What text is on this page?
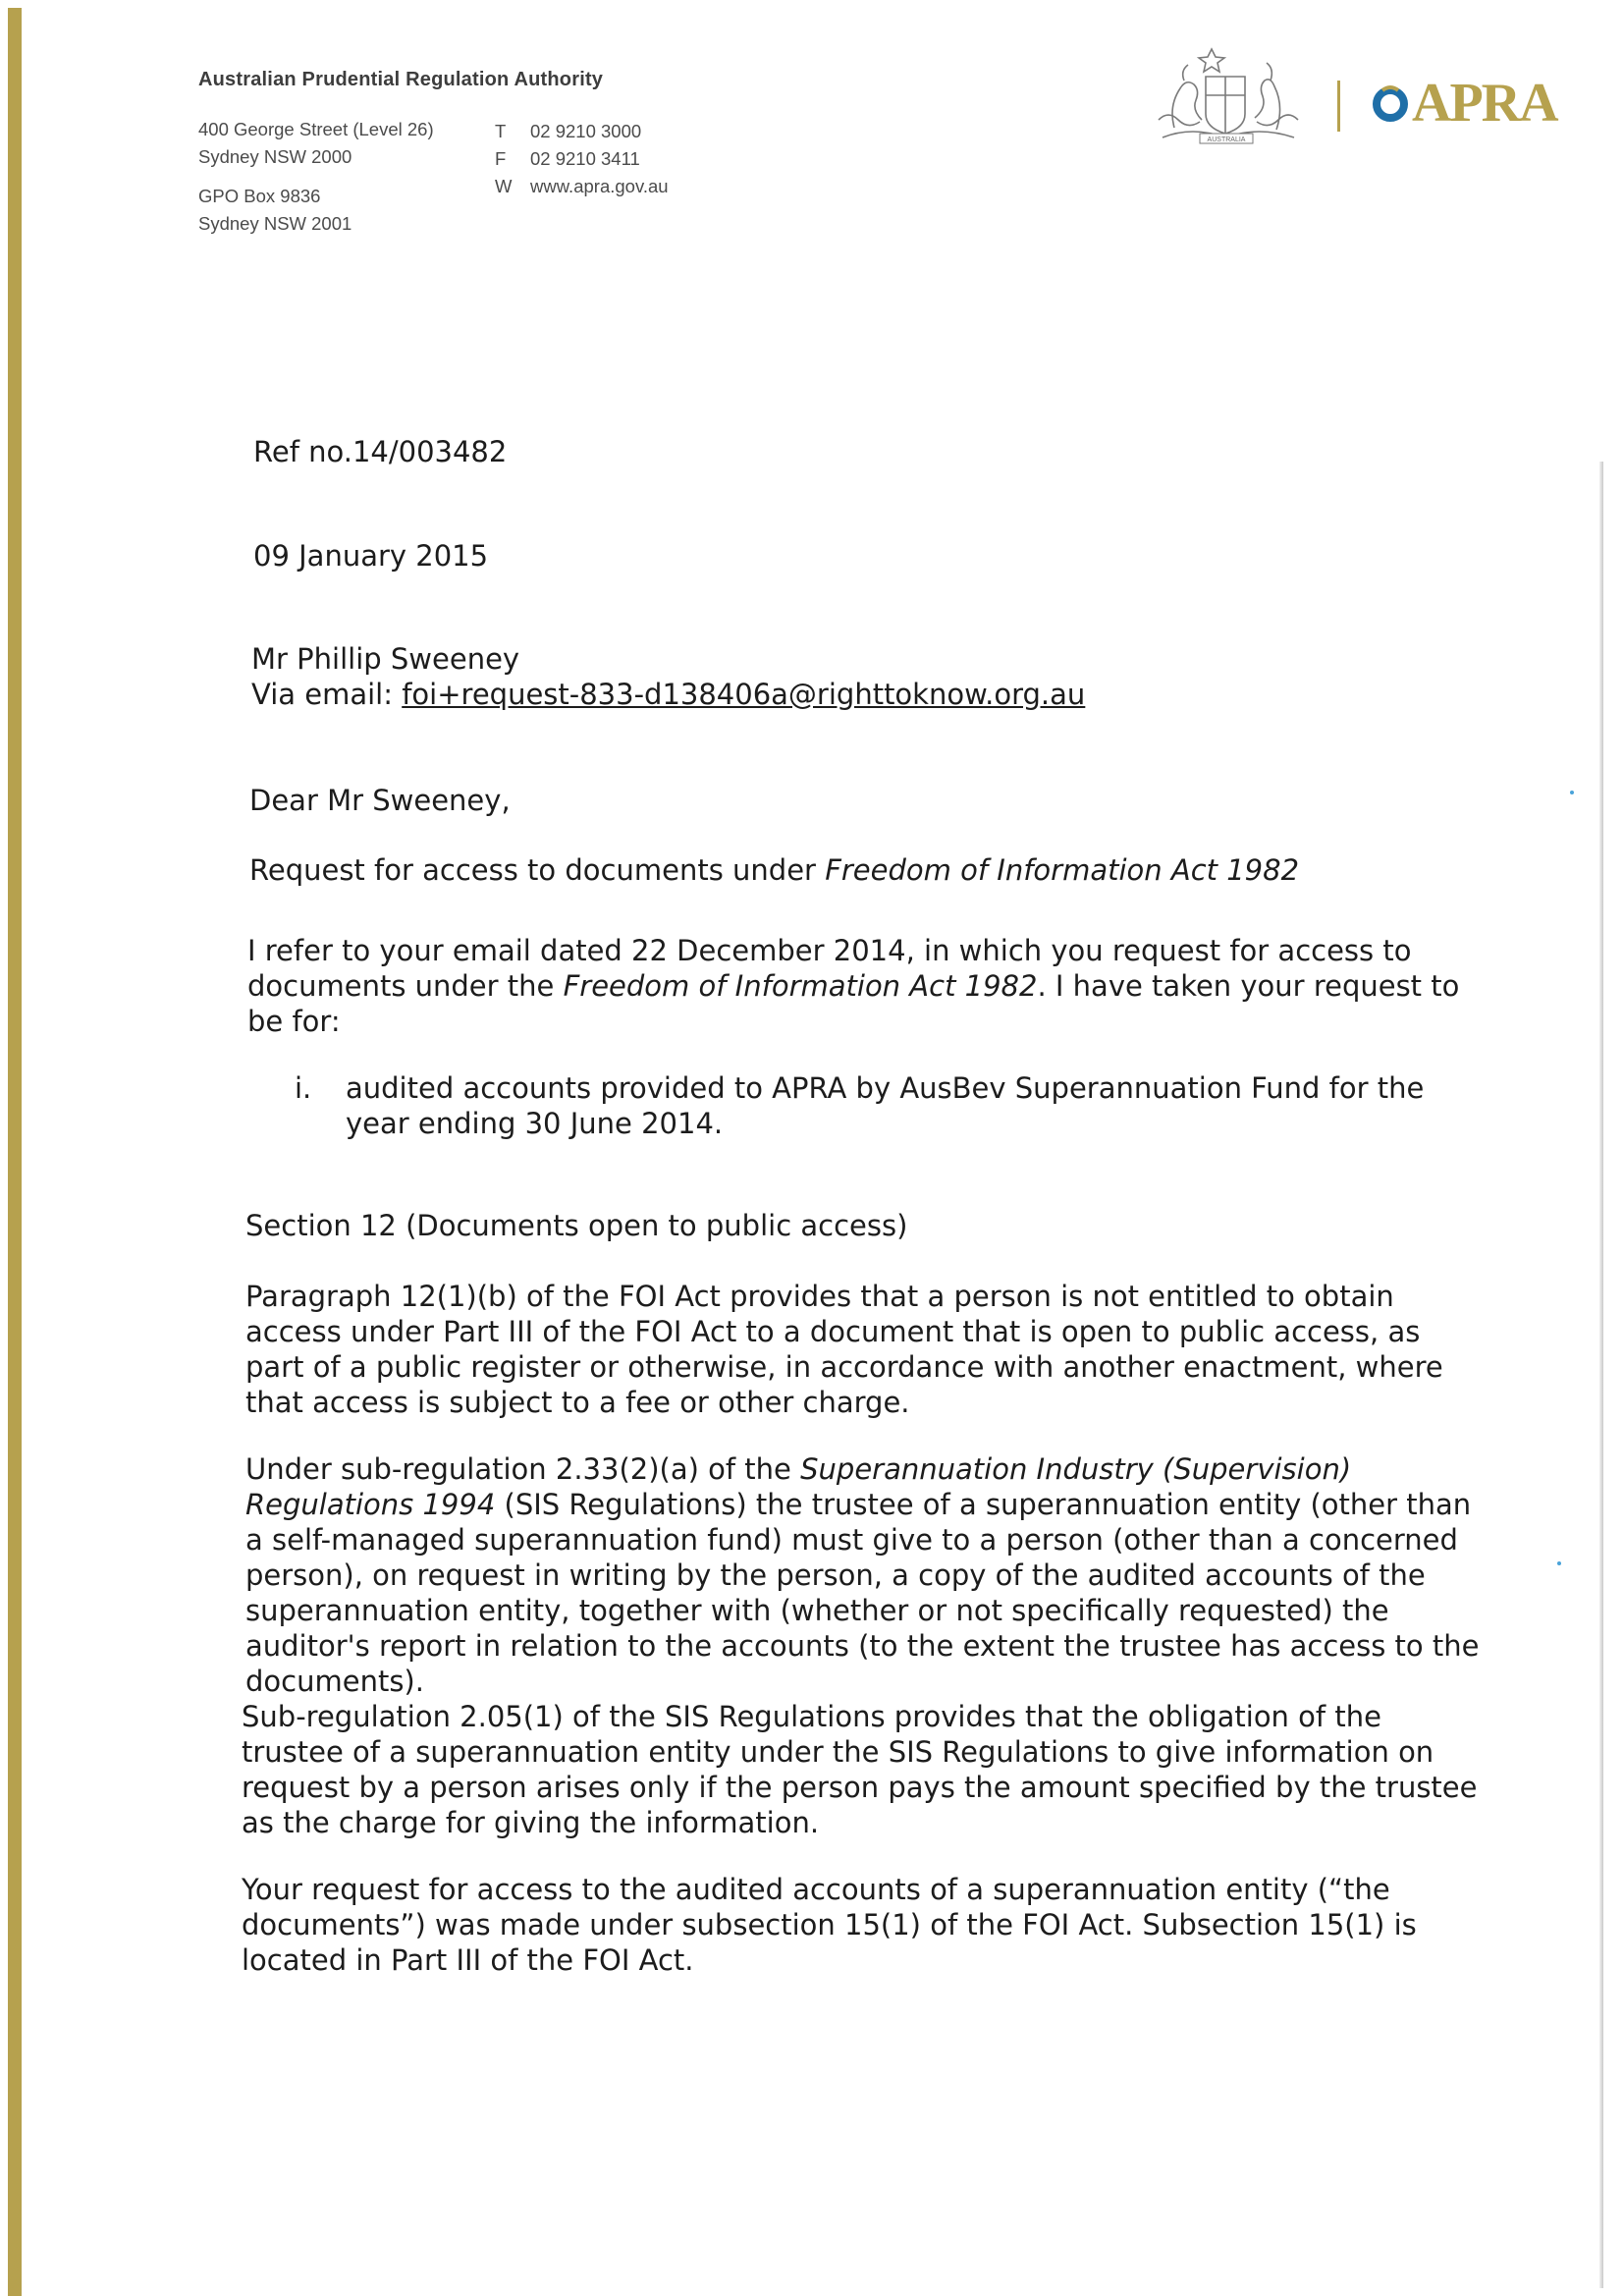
Australian Prudential Regulation Authority
400 George Street (Level 26)
Sydney NSW 2000
GPO Box 9836
Sydney NSW 2001
T	02 9210 3000
F	02 9210 3411
W	www.apra.gov.au
AUSTRALIA
APRA
Ref no.14/003482
09 January 2015
Mr Phillip Sweeney
Via email: foi+request-833-d138406a@righttoknow.org.au
Dear Mr Sweeney,
Request for access to documents under Freedom of Information Act 1982
I refer to your email dated 22 December 2014, in which you request for access to documents under the Freedom of Information Act 1982. I have taken your request to be for:
i. audited accounts provided to APRA by AusBev Superannuation Fund for the year ending 30 June 2014.
Section 12 (Documents open to public access)
Paragraph 12(1)(b) of the FOI Act provides that a person is not entitled to obtain access under Part III of the FOI Act to a document that is open to public access, as part of a public register or otherwise, in accordance with another enactment, where that access is subject to a fee or other charge.
Under sub-regulation 2.33(2)(a) of the Superannuation Industry (Supervision) Regulations 1994 (SIS Regulations) the trustee of a superannuation entity (other than a self-managed superannuation fund) must give to a person (other than a concerned person), on request in writing by the person, a copy of the audited accounts of the superannuation entity, together with (whether or not specifically requested) the auditor's report in relation to the accounts (to the extent the trustee has access to the documents).
Sub-regulation 2.05(1) of the SIS Regulations provides that the obligation of the trustee of a superannuation entity under the SIS Regulations to give information on request by a person arises only if the person pays the amount specified by the trustee as the charge for giving the information.
Your request for access to the audited accounts of a superannuation entity (“the documents”) was made under subsection 15(1) of the FOI Act. Subsection 15(1) is located in Part III of the FOI Act.
